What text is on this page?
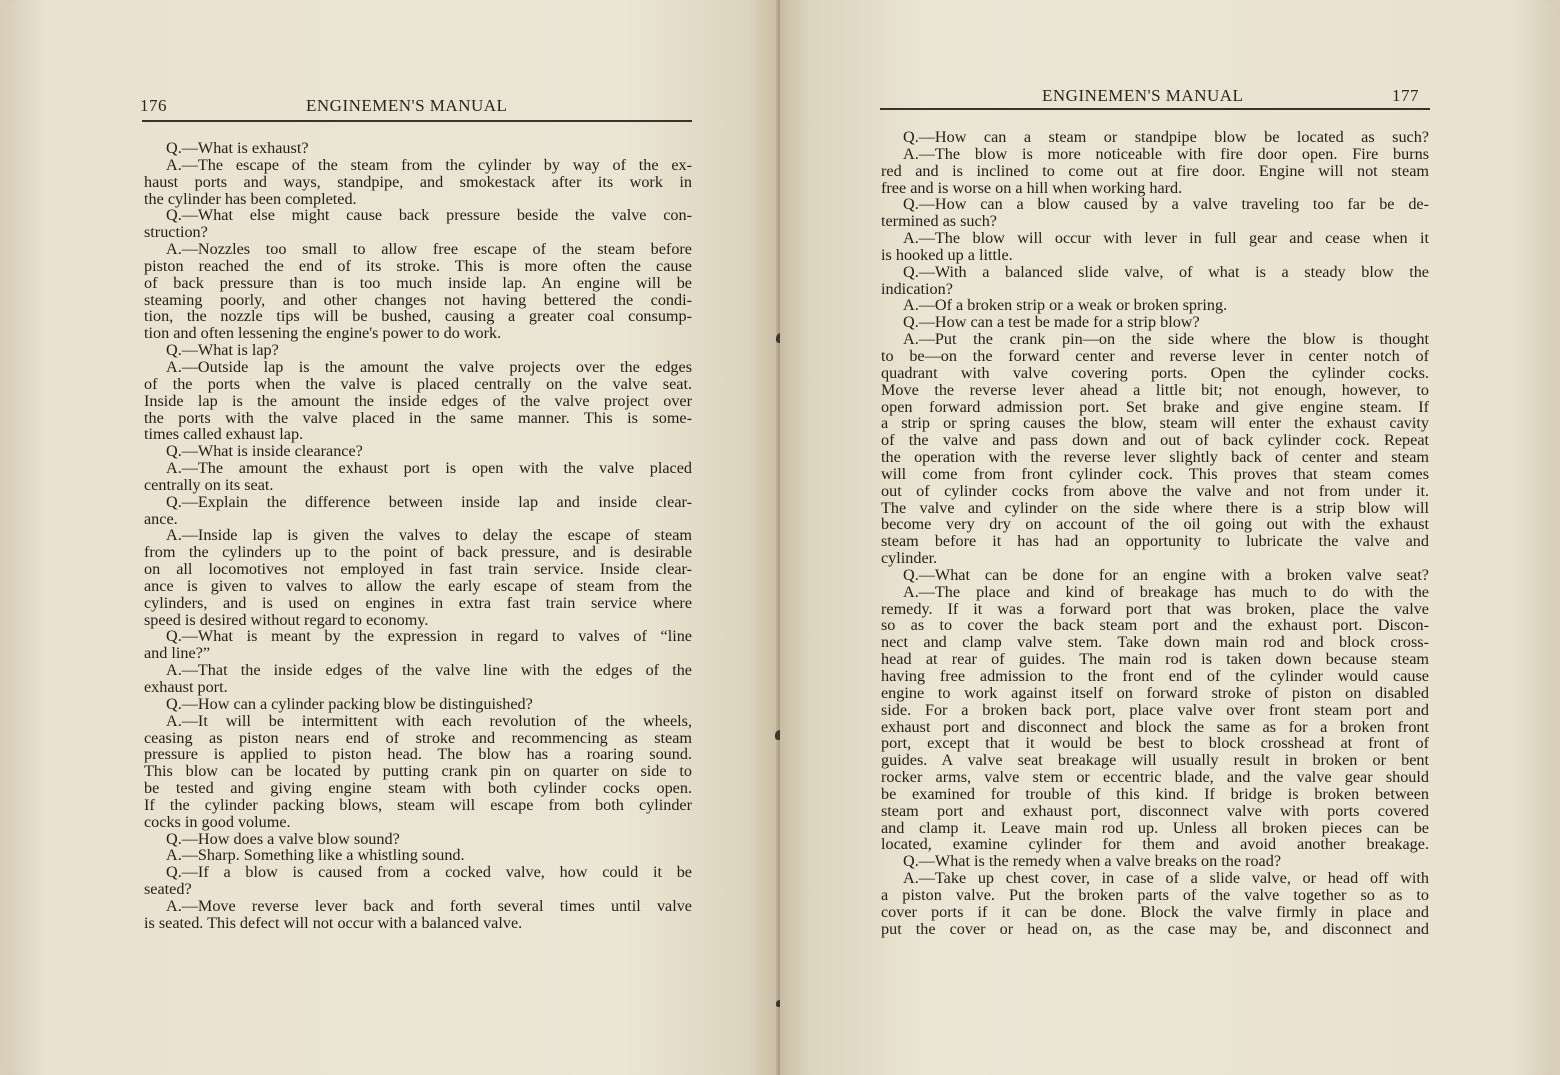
176	ENGINEMEN'S MANUAL
Q.—What is exhaust?
A.—The escape of the steam from the cylinder by way of the ex-
haust ports and ways, standpipe, and smokestack after its work in
the cylinder has been completed.
Q.—What else might cause back pressure beside the valve con-
struction?
A.—Nozzles too small to allow free escape of the steam before
piston reached the end of its stroke. This is more often the cause
of back pressure than is too much inside lap. An engine will be
steaming poorly, and other changes not having bettered the condi-
tion, the nozzle tips will be bushed, causing a greater coal consump-
tion and often lessening the engine's power to do work.
Q.—What is lap?
A.—Outside lap is the amount the valve projects over the edges
of the ports when the valve is placed centrally on the valve seat.
Inside lap is the amount the inside edges of the valve project over
the ports with the valve placed in the same manner. This is some-
times called exhaust lap.
Q.—What is inside clearance?
A.—The amount the exhaust port is open with the valve placed
centrally on its seat.
Q.—Explain the difference between inside lap and inside clear-
ance.
A.—Inside lap is given the valves to delay the escape of steam
from the cylinders up to the point of back pressure, and is desirable
on all locomotives not employed in fast train service. Inside clear-
ance is given to valves to allow the early escape of steam from the
cylinders, and is used on engines in extra fast train service where
speed is desired without regard to economy.
Q.—What is meant by the expression in regard to valves of “line
and line?”
A.—That the inside edges of the valve line with the edges of the
exhaust port.
Q.—How can a cylinder packing blow be distinguished?
A.—It will be intermittent with each revolution of the wheels,
ceasing as piston nears end of stroke and recommencing as steam
pressure is applied to piston head. The blow has a roaring sound.
This blow can be located by putting crank pin on quarter on side to
be tested and giving engine steam with both cylinder cocks open.
If the cylinder packing blows, steam will escape from both cylinder
cocks in good volume.
Q.—How does a valve blow sound?
A.—Sharp. Something like a whistling sound.
Q.—If a blow is caused from a cocked valve, how could it be
seated?
A.—Move reverse lever back and forth several times until valve
is seated. This defect will not occur with a balanced valve.
ENGINEMEN'S MANUAL	177
Q.—How can a steam or standpipe blow be located as such?
A.—The blow is more noticeable with fire door open. Fire burns
red and is inclined to come out at fire door. Engine will not steam
free and is worse on a hill when working hard.
Q.—How can a blow caused by a valve traveling too far be de-
termined as such?
A.—The blow will occur with lever in full gear and cease when it
is hooked up a little.
Q.—With a balanced slide valve, of what is a steady blow the
indication?
A.—Of a broken strip or a weak or broken spring.
Q.—How can a test be made for a strip blow?
A.—Put the crank pin—on the side where the blow is thought
to be—on the forward center and reverse lever in center notch of
quadrant with valve covering ports. Open the cylinder cocks.
Move the reverse lever ahead a little bit; not enough, however, to
open forward admission port. Set brake and give engine steam. If
a strip or spring causes the blow, steam will enter the exhaust cavity
of the valve and pass down and out of back cylinder cock. Repeat
the operation with the reverse lever slightly back of center and steam
will come from front cylinder cock. This proves that steam comes
out of cylinder cocks from above the valve and not from under it.
The valve and cylinder on the side where there is a strip blow will
become very dry on account of the oil going out with the exhaust
steam before it has had an opportunity to lubricate the valve and
cylinder.
Q.—What can be done for an engine with a broken valve seat?
A.—The place and kind of breakage has much to do with the
remedy. If it was a forward port that was broken, place the valve
so as to cover the back steam port and the exhaust port. Discon-
nect and clamp valve stem. Take down main rod and block cross-
head at rear of guides. The main rod is taken down because steam
having free admission to the front end of the cylinder would cause
engine to work against itself on forward stroke of piston on disabled
side. For a broken back port, place valve over front steam port and
exhaust port and disconnect and block the same as for a broken front
port, except that it would be best to block crosshead at front of
guides. A valve seat breakage will usually result in broken or bent
rocker arms, valve stem or eccentric blade, and the valve gear should
be examined for trouble of this kind. If bridge is broken between
steam port and exhaust port, disconnect valve with ports covered
and clamp it. Leave main rod up. Unless all broken pieces can be
located, examine cylinder for them and avoid another breakage.
Q.—What is the remedy when a valve breaks on the road?
A.—Take up chest cover, in case of a slide valve, or head off with
a piston valve. Put the broken parts of the valve together so as to
cover ports if it can be done. Block the valve firmly in place and
put the cover or head on, as the case may be, and disconnect and
